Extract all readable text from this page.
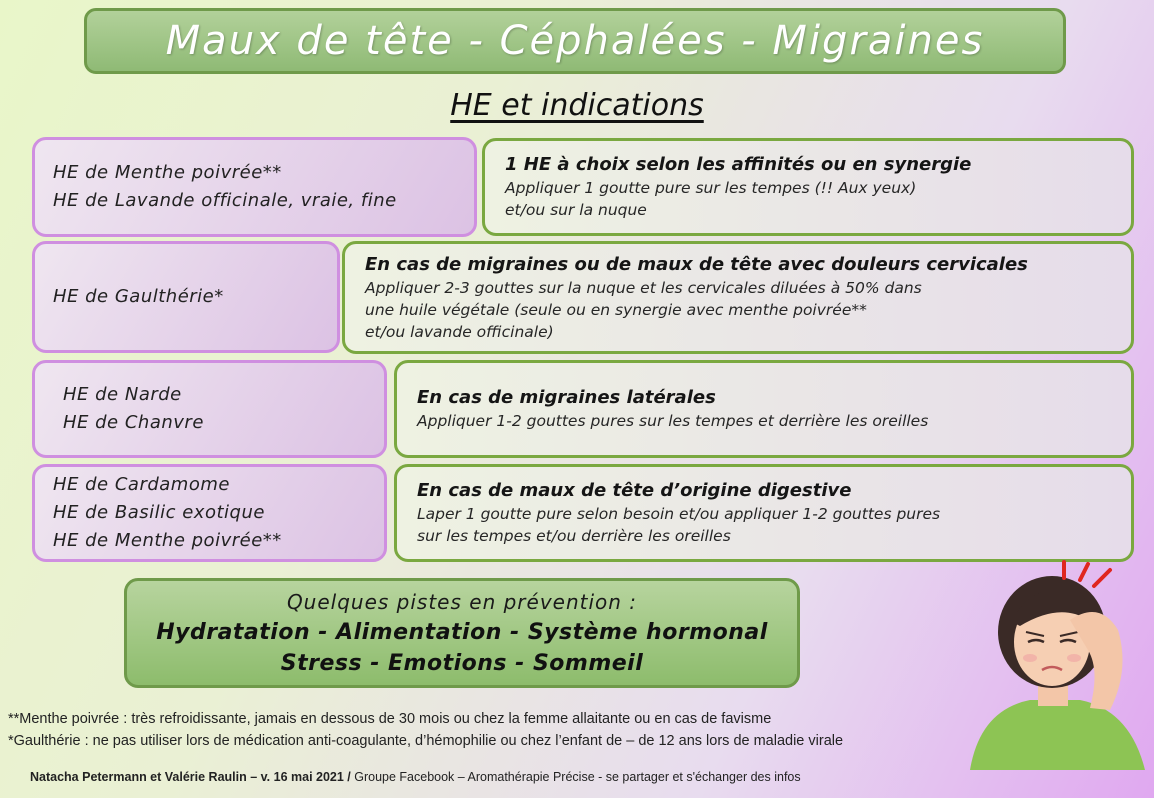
Maux de tête - Céphalées - Migraines
HE et indications
HE de Menthe poivrée**
HE de Lavande officinale, vraie, fine
1 HE à choix selon les affinités ou en synergie
Appliquer 1 goutte pure sur les tempes (!! Aux yeux)
et/ou sur la nuque
HE de Gaulthérie*
En cas de migraines ou de maux de tête avec douleurs cervicales
Appliquer 2-3 gouttes sur la nuque et les cervicales diluées à 50% dans
une huile végétale (seule ou en synergie avec menthe poivrée**
et/ou lavande officinale)
HE de Narde
HE de Chanvre
En cas de migraines latérales
Appliquer 1-2 gouttes pures sur les tempes et derrière les oreilles
HE de Cardamome
HE de Basilic exotique
HE de Menthe poivrée**
En cas de maux de tête d’origine digestive
Laper 1 goutte pure selon besoin et/ou appliquer 1-2 gouttes pures
sur les tempes et/ou derrière les oreilles
Quelques pistes en prévention :
Hydratation - Alimentation - Système hormonal
Stress - Emotions - Sommeil
**Menthe poivrée : très refroidissante, jamais en dessous de 30 mois ou chez la femme allaitante ou en cas de favisme
*Gaulthérie : ne pas utiliser lors de médication anti-coagulante, d’hémophilie ou chez l’enfant de – de 12 ans lors de maladie virale
Natacha Petermann et Valérie Raulin – v. 16 mai 2021 / Groupe Facebook – Aromathérapie Précise - se partager et s'échanger des infos
